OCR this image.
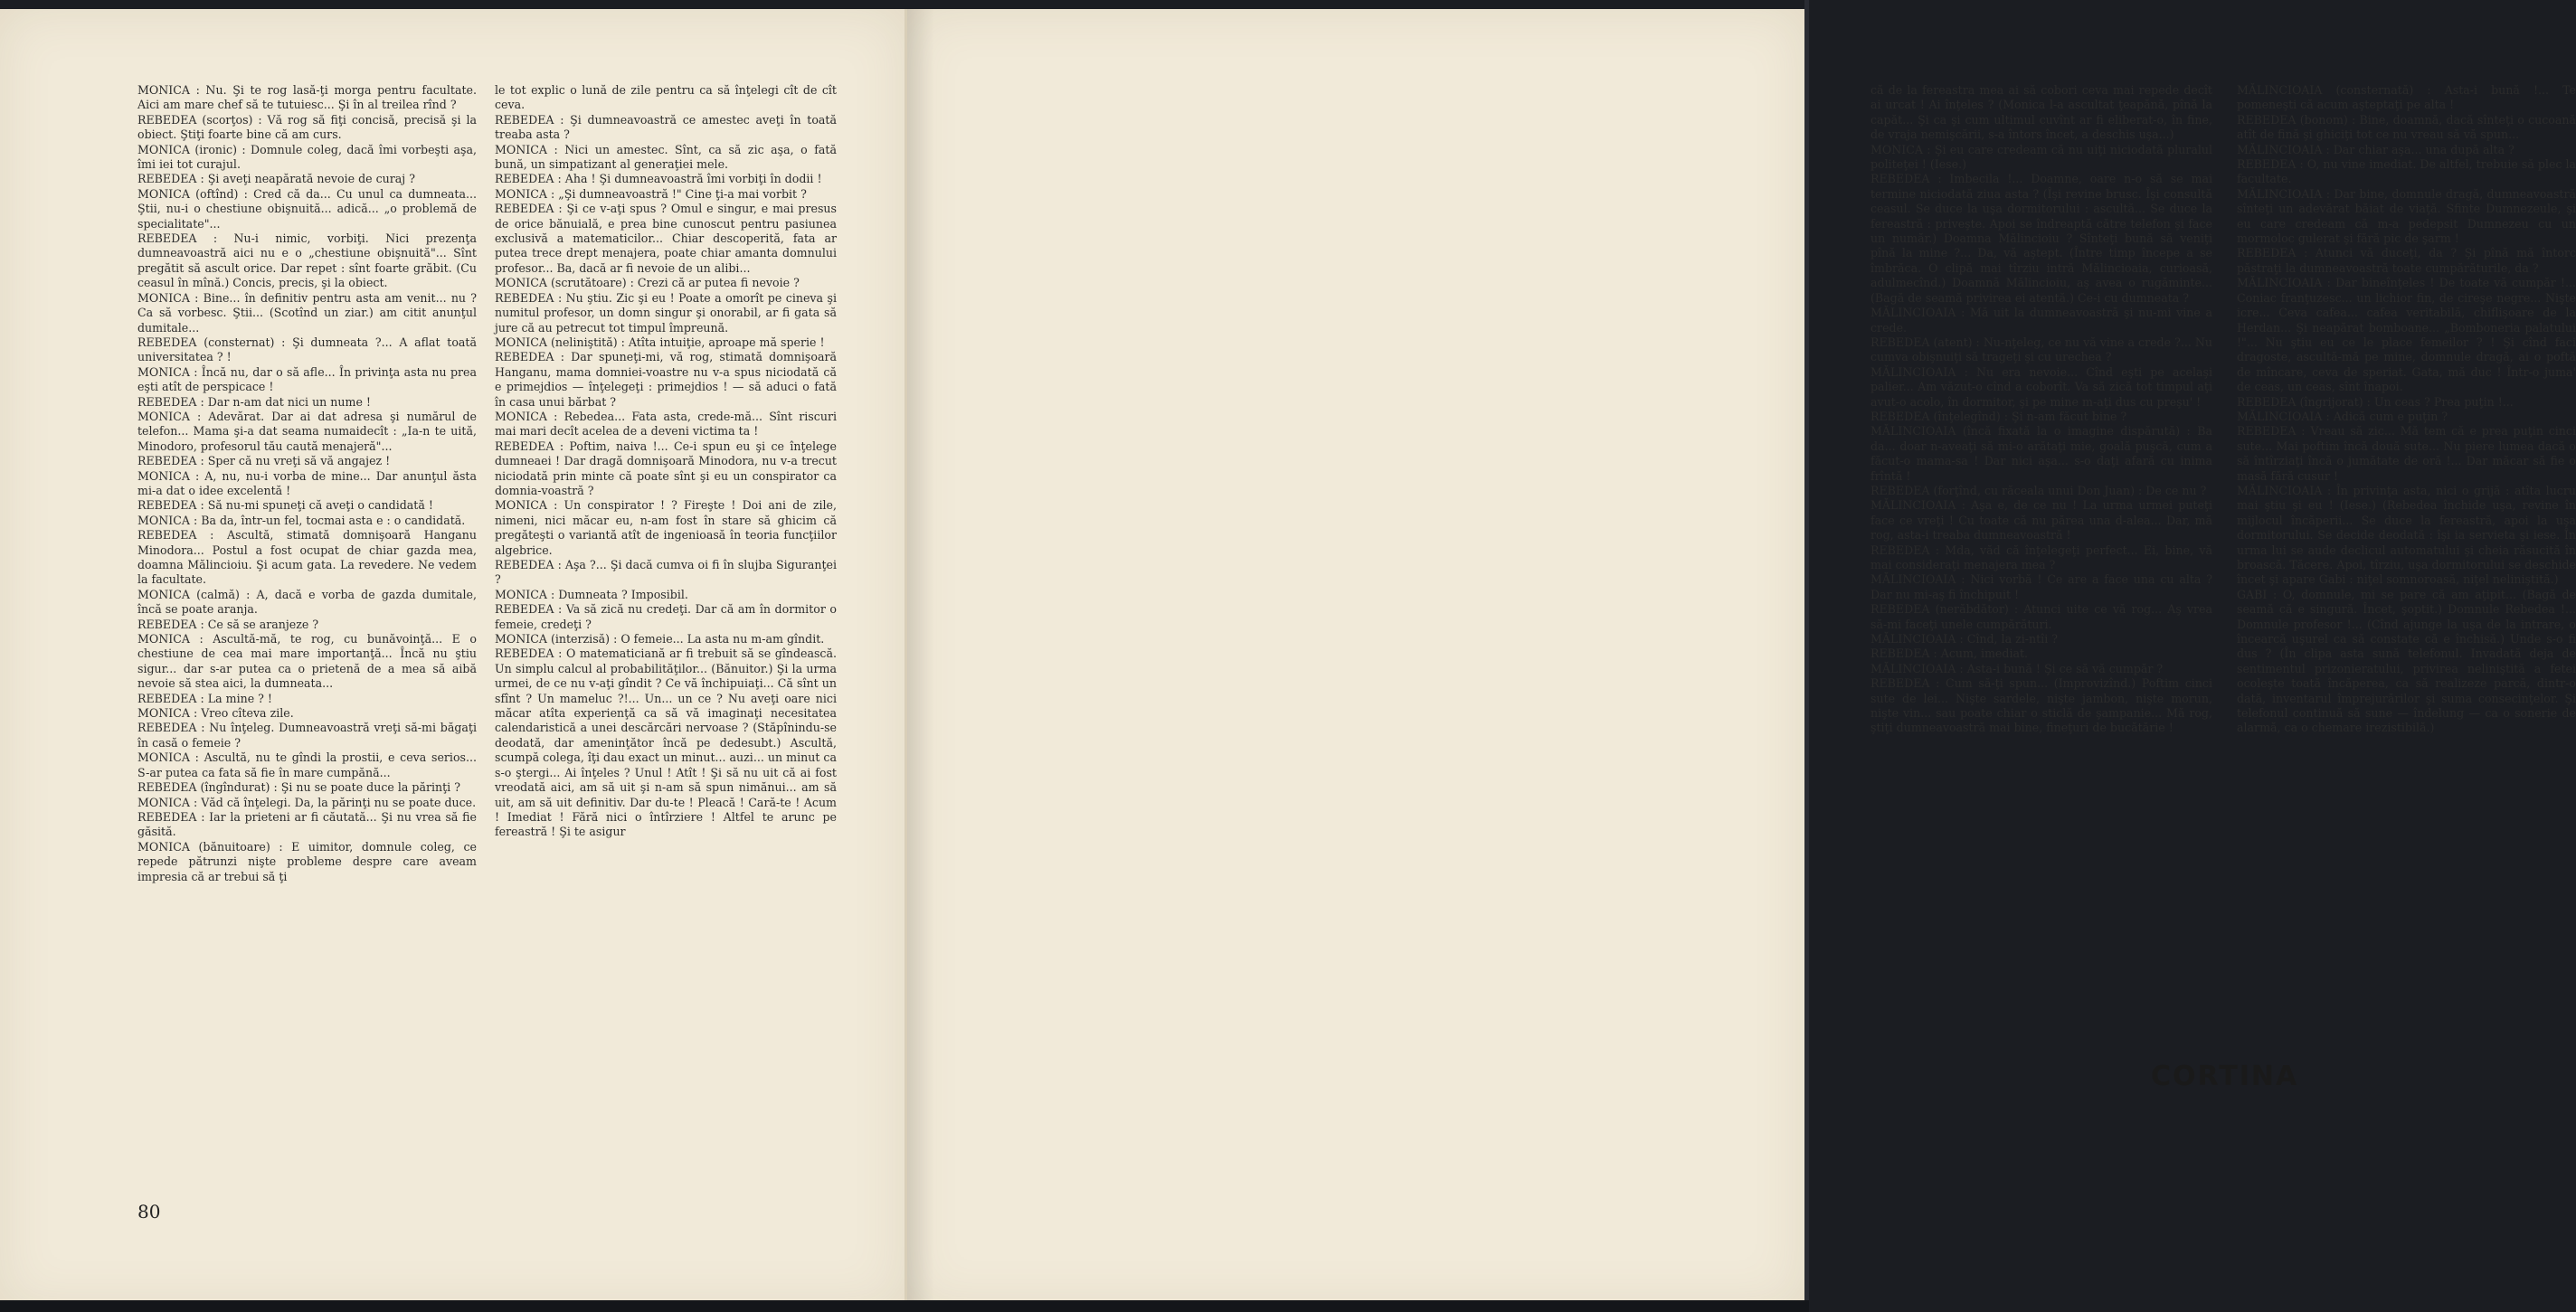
MONICA : Nu. Şi te rog lasă-ţi morga pentru facultate. Aici am mare chef să te tutuiesc... Şi în al treilea rînd ?
REBEDEA (scorţos) : Vă rog să fiţi concisă, precisă şi la obiect. Ştiţi foarte bine că am curs.
MONICA (ironic) : Domnule coleg, dacă îmi vorbeşti aşa, îmi iei tot curajul.
REBEDEA : Şi aveţi neapărată nevoie de curaj ?
MONICA (oftînd) : Cred că da... Cu unul ca dumneata... Ştii, nu-i o chestiune obişnuită... adică... „o problemă de specialitate"...
REBEDEA : Nu-i nimic, vorbiţi. Nici prezenţa dumneavoastră aici nu e o „chestiune obişnuită"... Sînt pregătit să ascult orice. Dar repet : sînt foarte grăbit. (Cu ceasul în mînă.) Concis, precis, şi la obiect.
MONICA : Bine... în definitiv pentru asta am venit... nu ? Ca să vorbesc. Ştii... (Scotînd un ziar.) am citit anunţul dumitale...
REBEDEA (consternat) : Şi dumneata ?... A aflat toată universitatea ? !
MONICA : Încă nu, dar o să afle... În privinţa asta nu prea eşti atît de perspicace !
REBEDEA : Dar n-am dat nici un nume !
MONICA : Adevărat. Dar ai dat adresa şi numărul de telefon... Mama şi-a dat seama numaidecît : „Ia-n te uită, Minodoro, profesorul tău caută menajeră"...
REBEDEA : Sper că nu vreţi să vă angajez !
MONICA : A, nu, nu-i vorba de mine... Dar anunţul ăsta mi-a dat o idee excelentă !
REBEDEA : Să nu-mi spuneţi că aveţi o candidată !
MONICA : Ba da, într-un fel, tocmai asta e : o candidată.
REBEDEA : Ascultă, stimată domnişoară Hanganu Minodora... Postul a fost ocupat de chiar gazda mea, doamna Mălincioiu. Şi acum gata. La revedere. Ne vedem la facultate.
MONICA (calmă) : A, dacă e vorba de gazda dumitale, încă se poate aranja.
REBEDEA : Ce să se aranjeze ?
MONICA : Ascultă-mă, te rog, cu bunăvoinţă... E o chestiune de cea mai mare importanţă... Încă nu ştiu sigur... dar s-ar putea ca o prietenă de a mea să aibă nevoie să stea aici, la dumneata...
REBEDEA : La mine ? !
MONICA : Vreo cîteva zile.
REBEDEA : Nu înţeleg. Dumneavoastră vreţi să-mi băgaţi în casă o femeie ?
MONICA : Ascultă, nu te gîndi la prostii, e ceva serios... S-ar putea ca fata să fie în mare cumpănă...
REBEDEA (îngîndurat) : Şi nu se poate duce la părinţi ?
MONICA : Văd că înţelegi. Da, la părinţi nu se poate duce.
REBEDEA : Iar la prieteni ar fi căutată... Şi nu vrea să fie găsită.
MONICA (bănuitoare) : E uimitor, domnule coleg, ce repede pătrunzi nişte probleme despre care aveam impresia că ar trebui să ţi

le tot explic o lună de zile pentru ca să înţelegi cît de cît ceva.
REBEDEA : Şi dumneavoastră ce amestec aveţi în toată treaba asta ?
MONICA : Nici un amestec. Sînt, ca să zic aşa, o fată bună, un simpatizant al generaţiei mele.
REBEDEA : Aha ! Şi dumneavoastră îmi vorbiţi în dodii !
MONICA : „Şi dumneavoastră !" Cine ţi-a mai vorbit ?
REBEDEA : Şi ce v-aţi spus ? Omul e singur, e mai presus de orice bănuială, e prea bine cunoscut pentru pasiunea exclusivă a matematicilor... Chiar descoperită, fata ar putea trece drept menajera, poate chiar amanta domnului profesor... Ba, dacă ar fi nevoie de un alibi...
MONICA (scrutătoare) : Crezi că ar putea fi nevoie ?
REBEDEA : Nu ştiu. Zic şi eu ! Poate a omorît pe cineva şi numitul profesor, un domn singur şi onorabil, ar fi gata să jure că au petrecut tot timpul împreună.
MONICA (neliniştită) : Atîta intuiţie, aproape mă sperie !
REBEDEA : Dar spuneţi-mi, vă rog, stimată domnişoară Hanganu, mama domniei-voastre nu v-a spus niciodată că e primejdios — înţelegeţi : primejdios ! — să aduci o fată în casa unui bărbat ?
MONICA : Rebedea... Fata asta, crede-mă... Sînt riscuri mai mari decît acelea de a deveni victima ta !
REBEDEA : Poftim, naiva !... Ce-i spun eu şi ce înţelege dumneaei ! Dar dragă domnişoară Minodora, nu v-a trecut niciodată prin minte că poate sînt şi eu un conspirator ca domnia-voastră ?
MONICA : Un conspirator ! ? Fireşte ! Doi ani de zile, nimeni, nici măcar eu, n-am fost în stare să ghicim că pregăteşti o variantă atît de ingenioasă în teoria funcţiilor algebrice.
REBEDEA : Aşa ?... Şi dacă cumva oi fi în slujba Siguranţei ?
MONICA : Dumneata ? Imposibil.
REBEDEA : Va să zică nu credeţi. Dar că am în dormitor o femeie, credeţi ?
MONICA (interzisă) : O femeie... La asta nu m-am gîndit.
REBEDEA : O matematiciană ar fi trebuit să se gîndească. Un simplu calcul al probabilităţilor... (Bănuitor.) Şi la urma urmei, de ce nu v-aţi gîndit ? Ce vă închipuiaţi... Că sînt un sfînt ? Un mameluc ?!... Un... un ce ? Nu aveţi oare nici măcar atîta experienţă ca să vă imaginaţi necesitatea calendaristică a unei descărcări nervoase ? (Stăpînindu-se deodată, dar ameninţător încă pe dedesubt.) Ascultă, scumpă colega, îţi dau exact un minut... auzi... un minut ca s-o ştergi... Ai înţeles ? Unul ! Atît ! Şi să nu uit că ai fost vreodată aici, am să uit şi n-am să spun nimănui... am să uit, am să uit definitiv. Dar du-te ! Pleacă ! Cară-te ! Acum ! Imediat ! Fără nici o întîrziere ! Altfel te arunc pe fereastră ! Şi te asigur

80

că de la fereastra mea ai să cobori ceva mai repede decît ai urcat ! Ai înţeles ? (Monica l-a ascultat ţeapănă, pînă la capăt... Şi ca şi cum ultimul cuvînt ar fi eliberat-o, în fine, de vraja nemişcării, s-a întors încet, a deschis uşa...)
MONICA : Şi eu care credeam că nu uiţi niciodată pluralul politeţei ! (Iese.)
REBEDEA : Imbecila !... Doamne, oare n-o să se mai termine niciodată ziua asta ? (Îşi revine brusc. Îşi consultă ceasul. Se duce la uşa dormitorului : ascultă... Se duce la fereastră : priveşte. Apoi se îndreaptă către telefon şi face un număr.) Doamna Mălincioiu ? Sînteţi bună să veniţi pînă la mine ?... Da, vă aştept. (Între timp începe a se îmbrăca. O clipă mai tîrziu intră Mălincioaia, curioasă, adulmecînd.) Doamnă Mălincioiu, aş avea o rugăminte... (Bagă de seamă privirea ei atentă.) Ce-i cu dumneata ?
MĂLINCIOAIA : Mă uit la dumneavoastră şi nu-mi vine a crede.
REBEDEA (atent) : Nu-nţeleg, ce nu vă vine a crede ?... Nu cumva obişnuiţi să trageţi şi cu urechea ?
MĂLINCIOAIA : Nu era nevoie... Cînd eşti pe acelaşi palier... Am văzut-o cînd a coborît. Va să zică tot timpul aţi avut-o acolo, în dormitor, şi pe mine m-aţi dus cu preşu' !
REBEDEA (înţelegînd) : Şi n-am făcut bine ?
MĂLINCIOAIA (încă fixată la o imagine dispărută) : Ba da... doar n-aveaţi să mi-o arătaţi mie, goală puşcă, cum a făcut-o mama-sa ! Dar nici aşa... s-o daţi afară cu inima frîntă !
REBEDEA (forţînd, cu răceala unui Don Juan) : De ce nu ?
MĂLINCIOAIA : Aşa e, de ce nu ! La urma urmei puteţi face ce vreţi ! Cu toate că nu părea una d-alea... Dar, mă rog, asta-i treaba dumneavoastră !
REBEDEA : Mda, văd că înţelegeţi perfect... Ei, bine, vă mai consideraţi menajera mea ?
MĂLINCIOAIA : Nici vorbă ! Ce are a face una cu alta ? Dar nu mi-aş fi închipuit !
REBEDEA (nerăbdător) : Atunci uite ce vă rog... Aş vrea să-mi faceţi unele cumpărături.
MĂLINCIOAIA : Cînd, la zi-ntîi ?
REBEDEA : Acum, imediat.
MĂLINCIOAIA : Asta-i bună ! Şi ce să vă cumpăr ?
REBEDEA : Cum să-ţi spun... (Improvizînd.) Poftim cinci sute de lei... Nişte sardele, nişte jambon, nişte morun, nişte vin... sau poate chiar o sticlă de şampanie... Mă rog, ştiţi dumneavoastră mai bine, fineţuri de bucătărie !

MĂLINCIOAIA (consternată) : Asta-i bună !... Te pomeneşti că acum aşteptaţi pe alta !
REBEDEA (bonom) : Bine, doamnă, dacă sînteţi o cucoană atît de fină şi ghiciţi tot ce nu vreau să vă spun...
MĂLINCIOAIA : Dar chiar aşa... una după alta ?
REBEDEA : O, nu vine imediat. De altfel, trebuie să plec la facultate.
MĂLINCIOAIA : Dar bine, domnule dragă, dumneavoastră sînteţi un adevărat băiat de viaţă. Sfinte Dumnezeule, şi eu care credeam că m-a pedepsit Dumnezeu cu un mormoloc gulerat şi fără pic de şarm !
REBEDEA : Atunci vă duceţi, da ? Şi pînă mă întorc păstraţi la dumneavoastră toate cumpărăturile, da ?
MĂLINCIOAIA : Dar bineînţeles ! De toate vă cumpăr !... Coniac franţuzesc... un lichior fin, de cireşe negre... Nişte icre... Ceva cafea... cafea veritabilă, chiflişoare de la Herdan... Şi neapărat bomboane... „Bomboneria palatului !"... Nu ştiu eu ce le place femeilor ? ! Şi cînd faci dragoste, ascultă-mă pe mine, domnule dragă, ai o poftă de mîncare, ceva de speriat. Gata, mă duc ! Într-o juma' de ceas, un ceas, sînt înapoi.
REBEDEA (îngrijorat) : Un ceas ? Prea puţin !...
MĂLINCIOAIA : Adică cum e puţin ?
REBEDEA : Vreau să zic... Mă tem că e prea puţin cinci sute... Mai poftim încă două sute... Nu piere lumea dacă o să întîrziaţi încă o jumătate de oră !... Dar măcar să fie o masă fără cusur !
MĂLINCIOAIA : În privinţa asta, nici o grijă : atîta lucru mai ştiu şi eu ! (Iese.) (Rebedea închide uşa, revine în mijlocul încăperii... Se duce la fereastră, apoi la uşa dormitorului. Se decide deodată : îşi ia servieta şi iese. În urma lui se aude declicul automatului şi cheia răsucită în broască. Tăcere. Apoi, tîrziu, uşa dormitorului se deschide încet şi apare Gabi : niţel somnoroasă, niţel neliniştită.)
GABI : O, domnule, mi se pare că am aţipit... (Bagă de seamă că e singură. Încet, şoptit.) Domnule Rebedea !... Domnule profesor !... (Cînd ajunge la uşa de la intrare, o încearcă uşurel ca să constate că e închisă.) Unde s-o fi dus ? (În clipa asta sună telefonul. Invadată deja de sentimentul prizonieratului, privirea neliniştită a fetei ocoleşte toată încăperea, ca să realizeze parcă, dintr-o dată, inventarul împrejurărilor şi suma consecinţelor. Şi telefonul continuă să sune — îndelung — ca o sonerie de alarmă, ca o chemare irezistibilă.)

CORTINA
